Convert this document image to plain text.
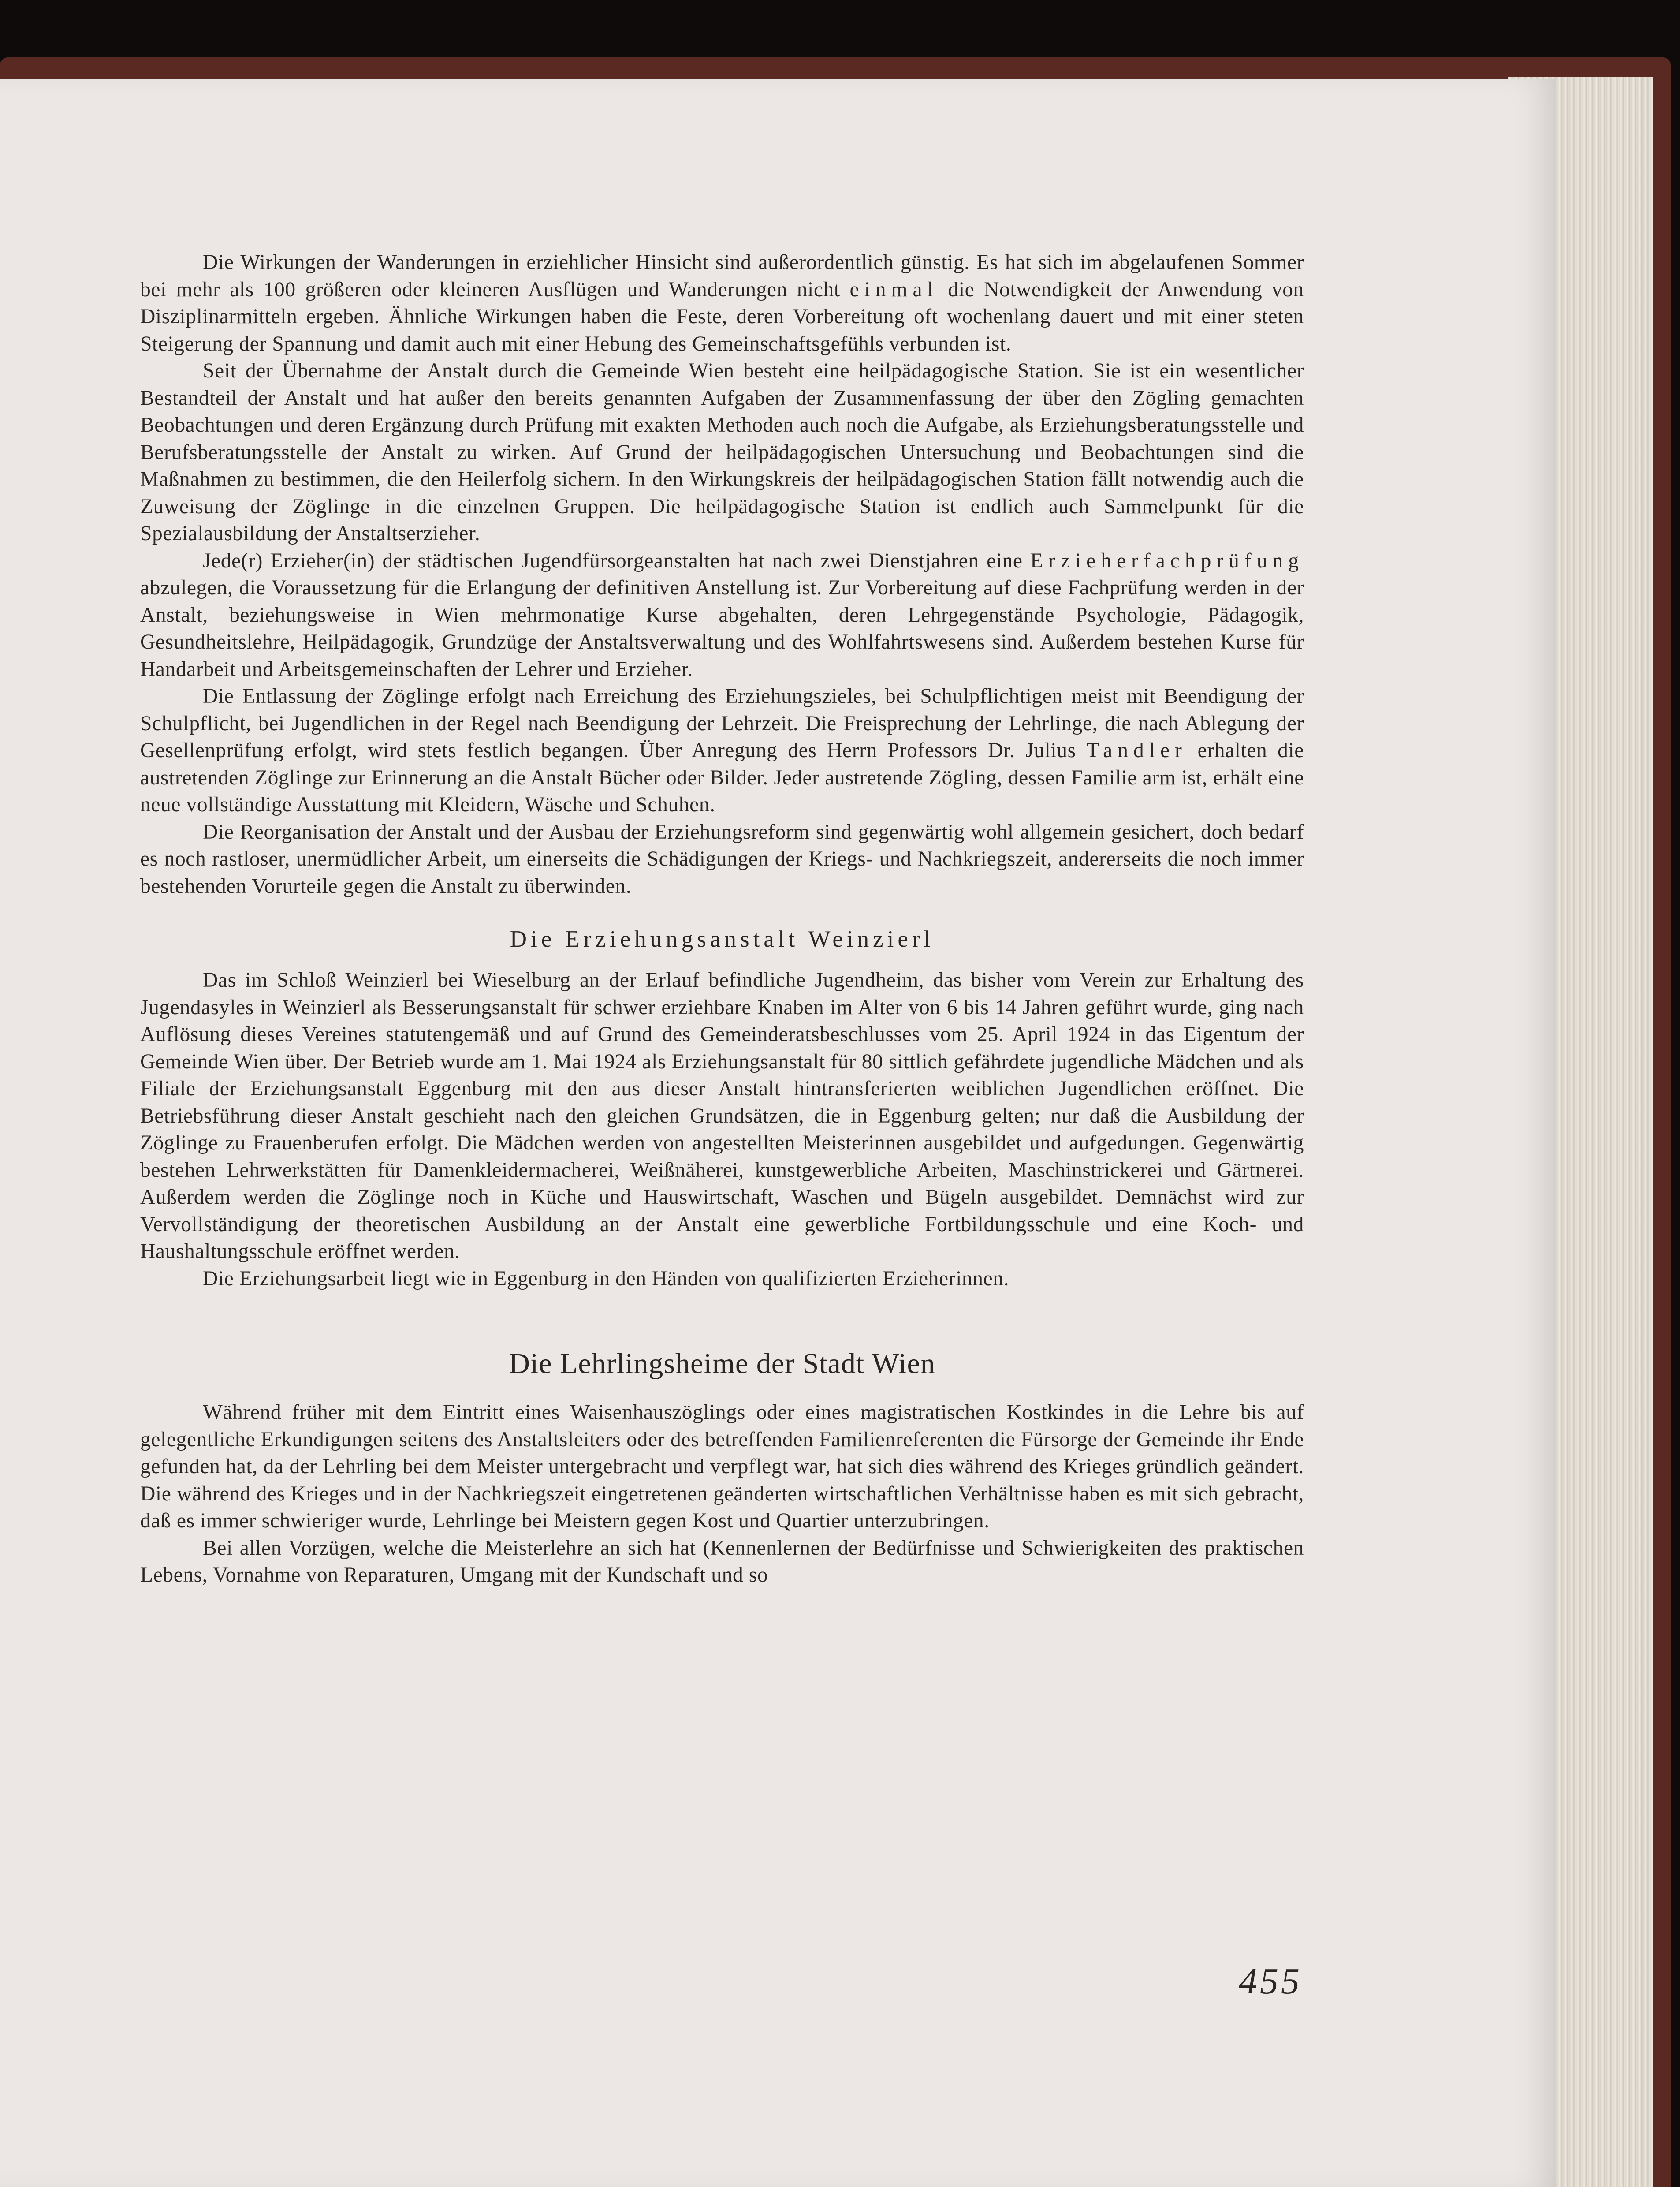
Die Wirkungen der Wanderungen in erziehlicher Hinsicht sind außerordentlich günstig. Es hat sich im abgelaufenen Sommer bei mehr als 100 größeren oder kleineren Ausflügen und Wanderungen nicht einmal die Notwendigkeit der Anwendung von Disziplinarmitteln ergeben. Ähnliche Wirkungen haben die Feste, deren Vorbereitung oft wochenlang dauert und mit einer steten Steigerung der Spannung und damit auch mit einer Hebung des Gemeinschaftsgefühls verbunden ist.

Seit der Übernahme der Anstalt durch die Gemeinde Wien besteht eine heilpädagogische Station. Sie ist ein wesentlicher Bestandteil der Anstalt und hat außer den bereits genannten Aufgaben der Zusammenfassung der über den Zögling gemachten Beobachtungen und deren Ergänzung durch Prüfung mit exakten Methoden auch noch die Aufgabe, als Erziehungsberatungsstelle und Berufsberatungsstelle der Anstalt zu wirken. Auf Grund der heilpädagogischen Untersuchung und Beobachtungen sind die Maßnahmen zu bestimmen, die den Heilerfolg sichern. In den Wirkungskreis der heilpädagogischen Station fällt notwendig auch die Zuweisung der Zöglinge in die einzelnen Gruppen. Die heilpädagogische Station ist endlich auch Sammelpunkt für die Spezialausbildung der Anstaltserzieher.

Jede(r) Erzieher(in) der städtischen Jugendfürsorgeanstalten hat nach zwei Dienstjahren eine Erzieherfachprüfung abzulegen, die Voraussetzung für die Erlangung der definitiven Anstellung ist. Zur Vorbereitung auf diese Fachprüfung werden in der Anstalt, beziehungsweise in Wien mehrmonatige Kurse abgehalten, deren Lehrgegenstände Psychologie, Pädagogik, Gesundheitslehre, Heilpädagogik, Grundzüge der Anstaltsverwaltung und des Wohlfahrtswesens sind. Außerdem bestehen Kurse für Handarbeit und Arbeitsgemeinschaften der Lehrer und Erzieher.

Die Entlassung der Zöglinge erfolgt nach Erreichung des Erziehungszieles, bei Schulpflichtigen meist mit Beendigung der Schulpflicht, bei Jugendlichen in der Regel nach Beendigung der Lehrzeit. Die Freisprechung der Lehrlinge, die nach Ablegung der Gesellenprüfung erfolgt, wird stets festlich begangen. Über Anregung des Herrn Professors Dr. Julius Tandler erhalten die austretenden Zöglinge zur Erinnerung an die Anstalt Bücher oder Bilder. Jeder austretende Zögling, dessen Familie arm ist, erhält eine neue vollständige Ausstattung mit Kleidern, Wäsche und Schuhen.

Die Reorganisation der Anstalt und der Ausbau der Erziehungsreform sind gegenwärtig wohl allgemein gesichert, doch bedarf es noch rastloser, unermüdlicher Arbeit, um einerseits die Schädigungen der Kriegs- und Nachkriegszeit, andererseits die noch immer bestehenden Vorurteile gegen die Anstalt zu überwinden.

Die Erziehungsanstalt Weinzierl

Das im Schloß Weinzierl bei Wieselburg an der Erlauf befindliche Jugendheim, das bisher vom Verein zur Erhaltung des Jugendasyles in Weinzierl als Besserungsanstalt für schwer erziehbare Knaben im Alter von 6 bis 14 Jahren geführt wurde, ging nach Auflösung dieses Vereines statutengemäß und auf Grund des Gemeinderatsbeschlusses vom 25. April 1924 in das Eigentum der Gemeinde Wien über. Der Betrieb wurde am 1. Mai 1924 als Erziehungsanstalt für 80 sittlich gefährdete jugendliche Mädchen und als Filiale der Erziehungsanstalt Eggenburg mit den aus dieser Anstalt hintransferierten weiblichen Jugendlichen eröffnet. Die Betriebsführung dieser Anstalt geschieht nach den gleichen Grundsätzen, die in Eggenburg gelten; nur daß die Ausbildung der Zöglinge zu Frauenberufen erfolgt. Die Mädchen werden von angestellten Meisterinnen ausgebildet und aufgedungen. Gegenwärtig bestehen Lehrwerkstätten für Damenkleidermacherei, Weißnäherei, kunstgewerbliche Arbeiten, Maschinstrickerei und Gärtnerei. Außerdem werden die Zöglinge noch in Küche und Hauswirtschaft, Waschen und Bügeln ausgebildet. Demnächst wird zur Vervollständigung der theoretischen Ausbildung an der Anstalt eine gewerbliche Fortbildungsschule und eine Koch- und Haushaltungsschule eröffnet werden.

Die Erziehungsarbeit liegt wie in Eggenburg in den Händen von qualifizierten Erzieherinnen.

Die Lehrlingsheime der Stadt Wien

Während früher mit dem Eintritt eines Waisenhauszöglings oder eines magistratischen Kostkindes in die Lehre bis auf gelegentliche Erkundigungen seitens des Anstaltsleiters oder des betreffenden Familienreferenten die Fürsorge der Gemeinde ihr Ende gefunden hat, da der Lehrling bei dem Meister untergebracht und verpflegt war, hat sich dies während des Krieges gründlich geändert. Die während des Krieges und in der Nachkriegszeit eingetretenen geänderten wirtschaftlichen Verhältnisse haben es mit sich gebracht, daß es immer schwieriger wurde, Lehrlinge bei Meistern gegen Kost und Quartier unterzubringen.

Bei allen Vorzügen, welche die Meisterlehre an sich hat (Kennenlernen der Bedürfnisse und Schwierigkeiten des praktischen Lebens, Vornahme von Reparaturen, Umgang mit der Kundschaft und so

455
